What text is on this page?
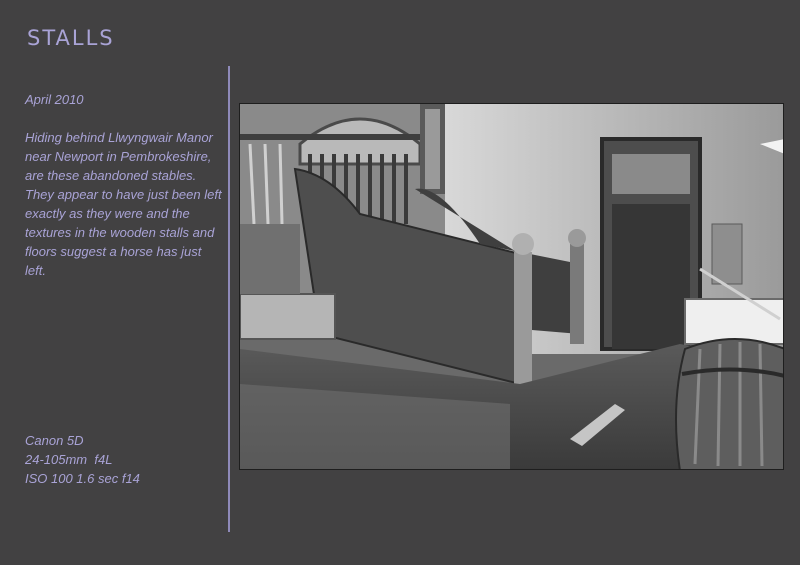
STALLS

April 2010

Hiding behind Llwyngwair Manor near Newport in Pembrokeshire, are these abandoned stables. They appear to have just been left exactly as they were and the textures in the wooden stalls and floors suggest a horse has just left.

Canon 5D
24-105mm  f4L
ISO 100 1.6 sec f14
